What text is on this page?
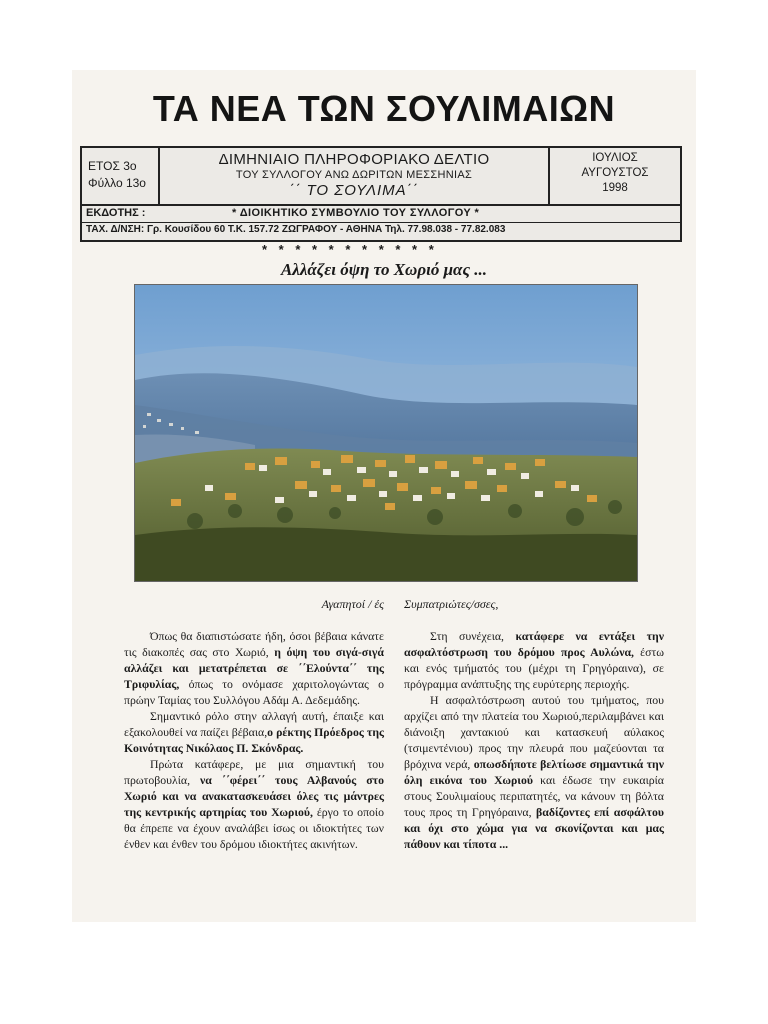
ΤΑ ΝΕΑ ΤΩΝ ΣΟΥΛΙΜΑΙΩΝ
ΕΤΟΣ 3ο
Φύλλο 13ο
ΔΙΜΗΝΙΑΙΟ ΠΛΗΡΟΦΟΡΙΑΚΟ ΔΕΛΤΙΟ
ΤΟΥ ΣΥΛΛΟΓΟΥ ΑΝΩ ΔΩΡΙΤΩΝ ΜΕΣΣΗΝΙΑΣ
΄΄ ΤΟ ΣΟΥΛΙΜΑ΄΄
ΙΟΥΛΙΟΣ
ΑΥΓΟΥΣΤΟΣ
1998
ΕΚΔΟΤΗΣ :	* ΔΙΟΙΚΗΤΙΚΟ ΣΥΜΒΟΥΛΙΟ ΤΟΥ ΣΥΛΛΟΓΟΥ *
ΤΑΧ. Δ/ΝΣΗ: Γρ. Κουσίδου 60 Τ.Κ. 157.72 ΖΩΓΡΑΦΟΥ - ΑΘΗΝΑ Τηλ. 77.98.038 - 77.82.083
* * * * * * * * * * *
Αλλάζει όψη το Χωριό μας ...
Αγαπητοί / ές

Όπως θα διαπιστώσατε ήδη, όσοι βέβαια κάνατε τις διακοπές σας στο Χωριό, η όψη του σιγά-σιγά αλλάζει και μετατρέπεται σε ΄΄Ελούντα΄΄ της Τριφυλίας, όπως το ονόμασε χαριτολογώντας ο πρώην Ταμίας του Συλλόγου Αδάμ Α. Δεδεμάδης.

Σημαντικό ρόλο στην αλλαγή αυτή, έπαιξε και εξακολουθεί να παίζει βέβαια,ο ρέκτης Πρόεδρος της Κοινότητας Νικόλαος Π. Σκόνδρας.

Πρώτα κατάφερε, με μια σημαντική του πρωτοβουλία, να ΄΄φέρει΄΄ τους Αλβανούς στο Χωριό και να ανακατασκευάσει όλες τις μάντρες της κεντρικής αρτηρίας του Χωριού, έργο το οποίο θα έπρεπε να έχουν αναλάβει ίσως οι ιδιοκτήτες των ένθεν και ένθεν του δρόμου ιδιοκτήτες ακινήτων.

Συμπατριώτες/σσες,

Στη συνέχεια, κατάφερε να εντάξει την ασφαλτόστρωση του δρόμου προς Αυλώνα, έστω και ενός τμήματός του (μέχρι τη Γρηγόραινα), σε πρόγραμμα ανάπτυξης της ευρύτερης περιοχής.

Η ασφαλτόστρωση αυτού του τμήματος, που αρχίζει από την πλατεία του Χωριού,περιλαμβάνει και διάνοιξη χαντακιού και κατασκευή αύλακος (τσιμεντένιου) προς την πλευρά που μαζεύονται τα βρόχινα νερά, οπωσδήποτε βελτίωσε σημαντικά την όλη εικόνα του Χωριού και έδωσε την ευκαιρία στους Σουλιμαίους περιπατητές, να κάνουν τη βόλτα τους προς τη Γρηγόραινα, βαδίζοντες επί ασφάλτου και όχι στο χώμα για να σκονίζονται και μας πάθουν και τίποτα ...
